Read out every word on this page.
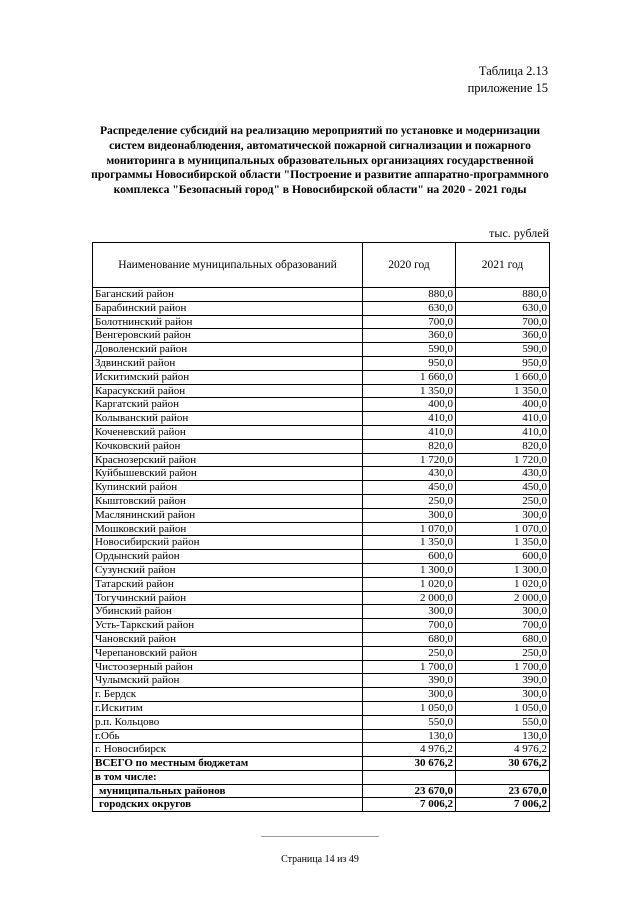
Таблица 2.13
приложение 15
Распределение субсидий на реализацию мероприятий по установке и модернизации систем видеонаблюдения, автоматической пожарной сигнализации и пожарного мониторинга в муниципальных образовательных организациях государственной программы Новосибирской области "Построение и развитие аппаратно-программного комплекса "Безопасный город" в Новосибирской области" на 2020 - 2021 годы
тыс. рублей
Наименование муниципальных образований	2020 год	2021 год
Баганский район	880,0	880,0
Барабинский район	630,0	630,0
Болотнинский район	700,0	700,0
Венгеровский район	360,0	360,0
Доволенский район	590,0	590,0
Здвинский район	950,0	950,0
Искитимский район	1 660,0	1 660,0
Карасукский район	1 350,0	1 350,0
Каргатский район	400,0	400,0
Колыванский район	410,0	410,0
Коченевский район	410,0	410,0
Кочковский район	820,0	820,0
Краснозерский район	1 720,0	1 720,0
Куйбышевский район	430,0	430,0
Купинский район	450,0	450,0
Кыштовский район	250,0	250,0
Маслянинский район	300,0	300,0
Мошковский район	1 070,0	1 070,0
Новосибирский район	1 350,0	1 350,0
Ордынский район	600,0	600,0
Сузунский район	1 300,0	1 300,0
Татарский район	1 020,0	1 020,0
Тогучинский район	2 000,0	2 000,0
Убинский район	300,0	300,0
Усть-Таркский район	700,0	700,0
Чановский район	680,0	680,0
Черепановский район	250,0	250,0
Чистоозерный район	1 700,0	1 700,0
Чулымский район	390,0	390,0
г. Бердск	300,0	300,0
г.Искитим	1 050,0	1 050,0
р.п. Кольцово	550,0	550,0
г.Обь	130,0	130,0
г. Новосибирск	4 976,2	4 976,2
ВСЕГО по местным бюджетам	30 676,2	30 676,2
в том числе:		
муниципальных районов	23 670,0	23 670,0
городских округов	7 006,2	7 006,2
Страница 14 из 49
